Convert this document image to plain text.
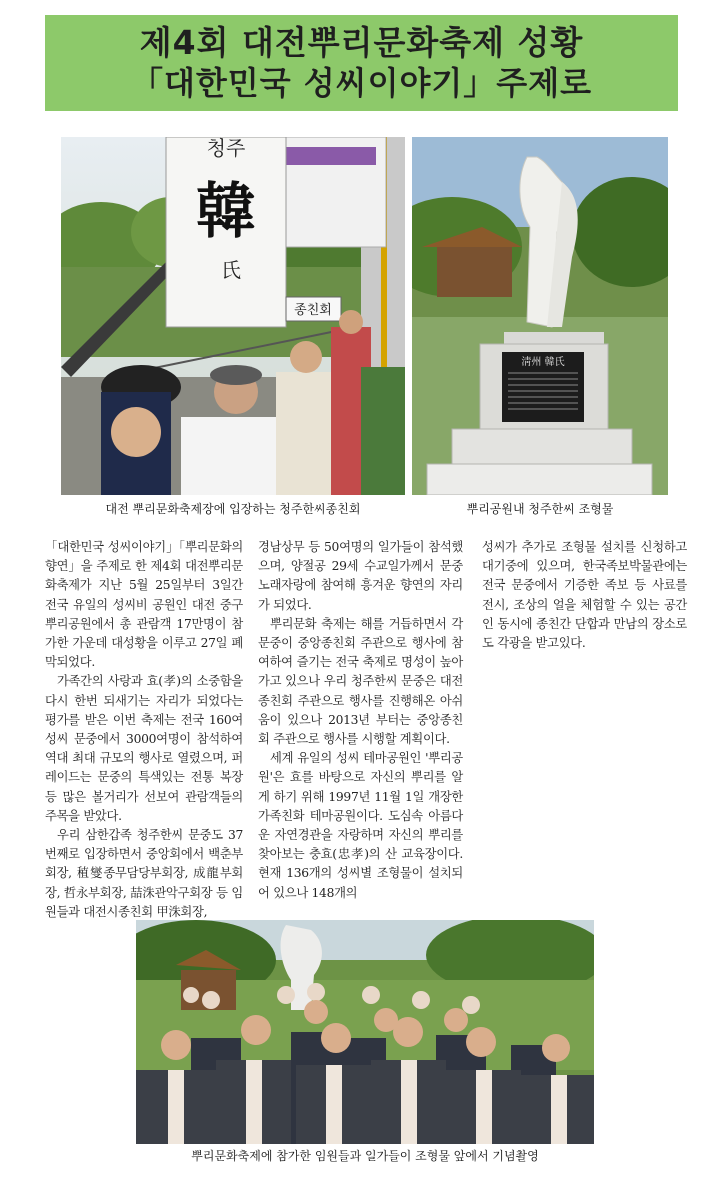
제4회 대전뿌리문화축제 성황
「대한민국 성씨이야기」주제로
청주
韓
氏
종친회
대전 뿌리문화축제장에 입장하는 청주한씨종친회
淸州 韓氏
뿌리공원내 청주한씨 조형물

「대한민국 성씨이야기」「뿌리문화의 향연」을 주제로 한 제4회 대전뿌리문화축제가 지난 5월 25일부터 3일간 전국 유일의 성씨비 공원인 대전 중구 뿌리공원에서 총 관람객 17만명이 참가한 가운데 대성황을 이루고 27일 폐막되었다.

가족간의 사랑과 효(孝)의 소중함을 다시 한번 되새기는 자리가 되었다는 평가를 받은 이번 축제는 전국 160여 성씨 문중에서 3000여명이 참석하여 역대 최대 규모의 행사로 열렸으며, 퍼레이드는 문중의 특색있는 전통 복장 등 많은 볼거리가 선보여 관람객들의 주목을 받았다.

우리 삼한갑족 청주한씨 문중도 37번째로 입장하면서 중앙회에서 백춘부회장, 稙燮종무담당부회장, 成龍부회장, 哲永부회장, 喆洙관악구회장 등 임원들과 대전시종친회 甲洙회장,

경남상무 등 50여명의 일가들이 참석했으며, 양절공 29세 수교일가께서 문중 노래자랑에 참여해 흥겨운 향연의 자리가 되었다.

뿌리문화 축제는 해를 거듭하면서 각 문중이 중앙종친회 주관으로 행사에 참여하여 즐기는 전국 축제로 명성이 높아가고 있으나 우리 청주한씨 문중은 대전종친회 주관으로 행사를 진행해온 아쉬움이 있으나 2013년 부터는 중앙종친회 주관으로 행사를 시행할 계획이다.

세계 유일의 성씨 테마공원인 '뿌리공원'은 효를 바탕으로 자신의 뿌리를 알게 하기 위해 1997년 11월 1일 개장한 가족친화 테마공원이다. 도심속 아름다운 자연경관을 자랑하며 자신의 뿌리를 찾아보는 충효(忠孝)의 산 교육장이다. 현재 136개의 성씨별 조형물이 설치되어 있으나 148개의

성씨가 추가로 조형물 설치를 신청하고 대기중에 있으며, 한국족보박물관에는 전국 문중에서 기증한 족보 등 사료를 전시, 조상의 얼을 체험할 수 있는 공간인 동시에 종친간 단합과 만남의 장소로도 각광을 받고있다.

뿌리문화축제에 참가한 임원들과 일가들이 조형물 앞에서 기념촬영
